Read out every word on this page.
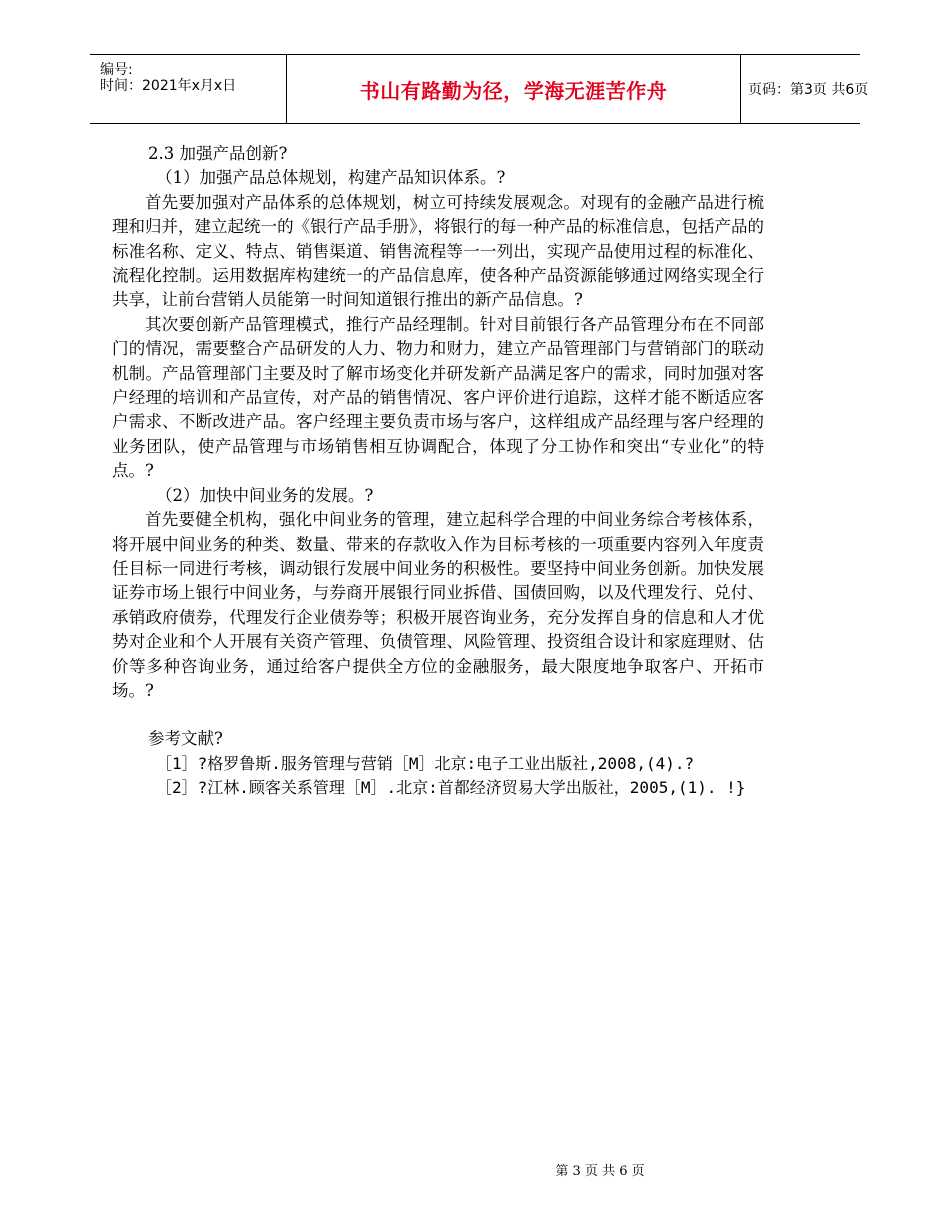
编号:
时间：2021年x月x日	书山有路勤为径，学海无涯苦作舟	页码：第3页 共6页

2.3 加强产品创新?

（1）加强产品总体规划，构建产品知识体系。?

首先要加强对产品体系的总体规划，树立可持续发展观念。对现有的金融产品进行梳理和归并，建立起统一的《银行产品手册》，将银行的每一种产品的标准信息，包括产品的标准名称、定义、特点、销售渠道、销售流程等一一列出，实现产品使用过程的标准化、流程化控制。运用数据库构建统一的产品信息库，使各种产品资源能够通过网络实现全行共享，让前台营销人员能第一时间知道银行推出的新产品信息。?

其次要创新产品管理模式，推行产品经理制。针对目前银行各产品管理分布在不同部门的情况，需要整合产品研发的人力、物力和财力，建立产品管理部门与营销部门的联动机制。产品管理部门主要及时了解市场变化并研发新产品满足客户的需求，同时加强对客户经理的培训和产品宣传，对产品的销售情况、客户评价进行追踪，这样才能不断适应客户需求、不断改进产品。客户经理主要负责市场与客户，这样组成产品经理与客户经理的业务团队，使产品管理与市场销售相互协调配合，体现了分工协作和突出“专业化”的特点。?

（2）加快中间业务的发展。?

首先要健全机构，强化中间业务的管理，建立起科学合理的中间业务综合考核体系，将开展中间业务的种类、数量、带来的存款收入作为目标考核的一项重要内容列入年度责任目标一同进行考核，调动银行发展中间业务的积极性。要坚持中间业务创新。加快发展证券市场上银行中间业务，与券商开展银行同业拆借、国债回购，以及代理发行、兑付、承销政府债券，代理发行企业债券等；积极开展咨询业务，充分发挥自身的信息和人才优势对企业和个人开展有关资产管理、负债管理、风险管理、投资组合设计和家庭理财、估价等多种咨询业务，通过给客户提供全方位的金融服务，最大限度地争取客户、开拓市场。?

参考文献?

［1］?格罗鲁斯.服务管理与营销［M］北京:电子工业出版社,2008,(4).?

［2］?江林.顾客关系管理［M］.北京:首都经济贸易大学出版社，2005,(1). !}

第 3 页 共 6 页
